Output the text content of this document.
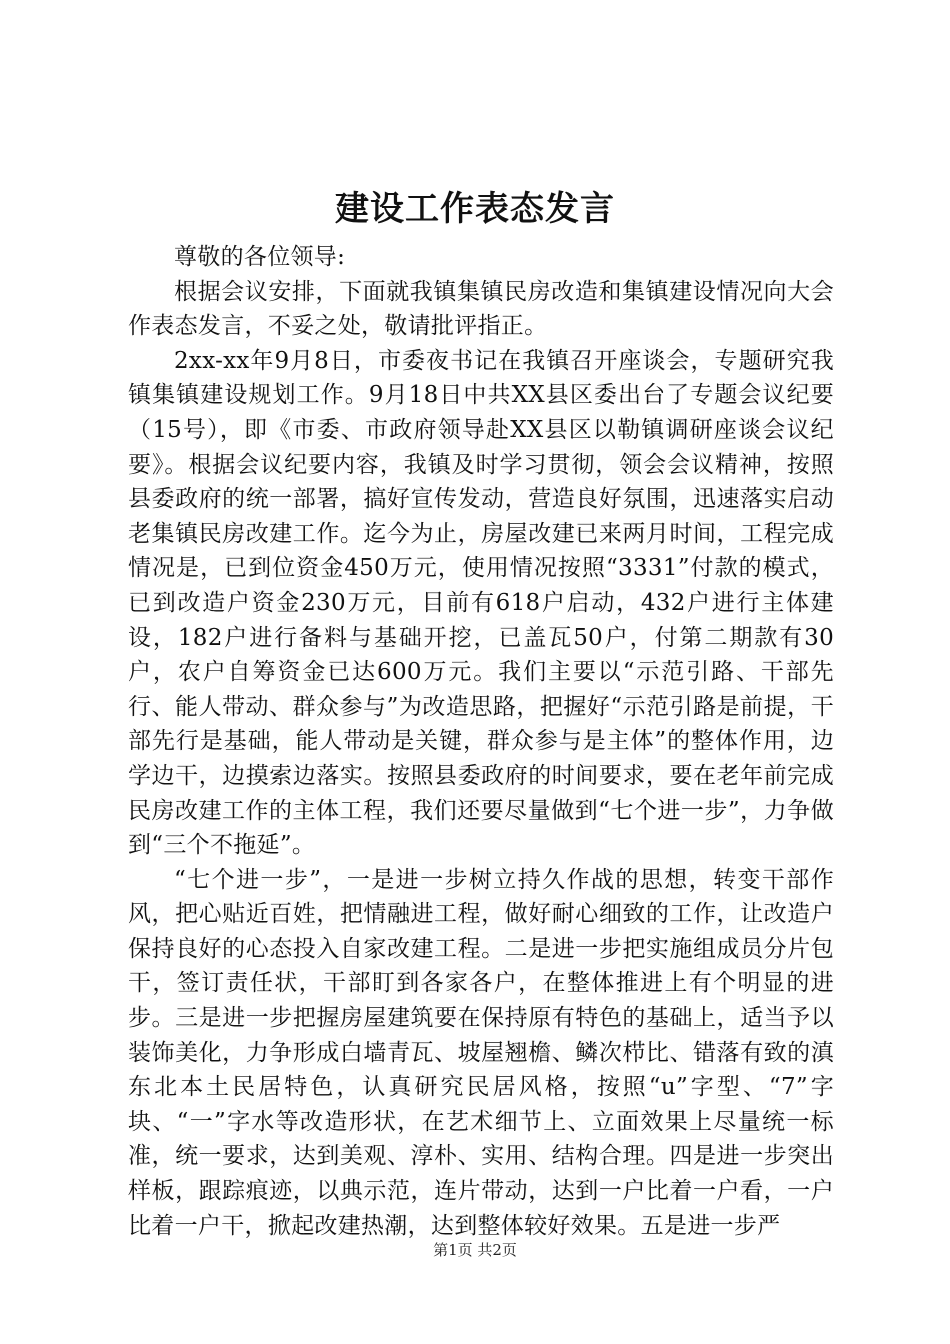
建设工作表态发言

尊敬的各位领导:

根据会议安排，下面就我镇集镇民房改造和集镇建设情况向大会作表态发言，不妥之处，敬请批评指正。

2xx-xx年9月8日，市委夜书记在我镇召开座谈会，专题研究我镇集镇建设规划工作。9月18日中共XX县区委出台了专题会议纪要（15号），即《市委、市政府领导赴XX县区以勒镇调研座谈会议纪要》。根据会议纪要内容，我镇及时学习贯彻，领会会议精神，按照县委政府的统一部署，搞好宣传发动，营造良好氛围，迅速落实启动老集镇民房改建工作。迄今为止，房屋改建已来两月时间，工程完成情况是，已到位资金450万元，使用情况按照“3331”付款的模式，已到改造户资金230万元，目前有618户启动，432户进行主体建设，182户进行备料与基础开挖，已盖瓦50户，付第二期款有30户，农户自筹资金已达600万元。我们主要以“示范引路、干部先行、能人带动、群众参与”为改造思路，把握好“示范引路是前提，干部先行是基础，能人带动是关键，群众参与是主体”的整体作用，边学边干，边摸索边落实。按照县委政府的时间要求，要在老年前完成民房改建工作的主体工程，我们还要尽量做到“七个进一步”，力争做到“三个不拖延”。

“七个进一步”，一是进一步树立持久作战的思想，转变干部作风，把心贴近百姓，把情融进工程，做好耐心细致的工作，让改造户保持良好的心态投入自家改建工程。二是进一步把实施组成员分片包干，签订责任状，干部盯到各家各户，在整体推进上有个明显的进步。三是进一步把握房屋建筑要在保持原有特色的基础上，适当予以装饰美化，力争形成白墙青瓦、坡屋翘檐、鳞次栉比、错落有致的滇东北本土民居特色，认真研究民居风格，按照“u”字型、“7”字块、“一”字水等改造形状，在艺术细节上、立面效果上尽量统一标准，统一要求，达到美观、淳朴、实用、结构合理。四是进一步突出样板，跟踪痕迹，以典示范，连片带动，达到一户比着一户看，一户比着一户干，掀起改建热潮，达到整体较好效果。五是进一步严

第1页 共2页
